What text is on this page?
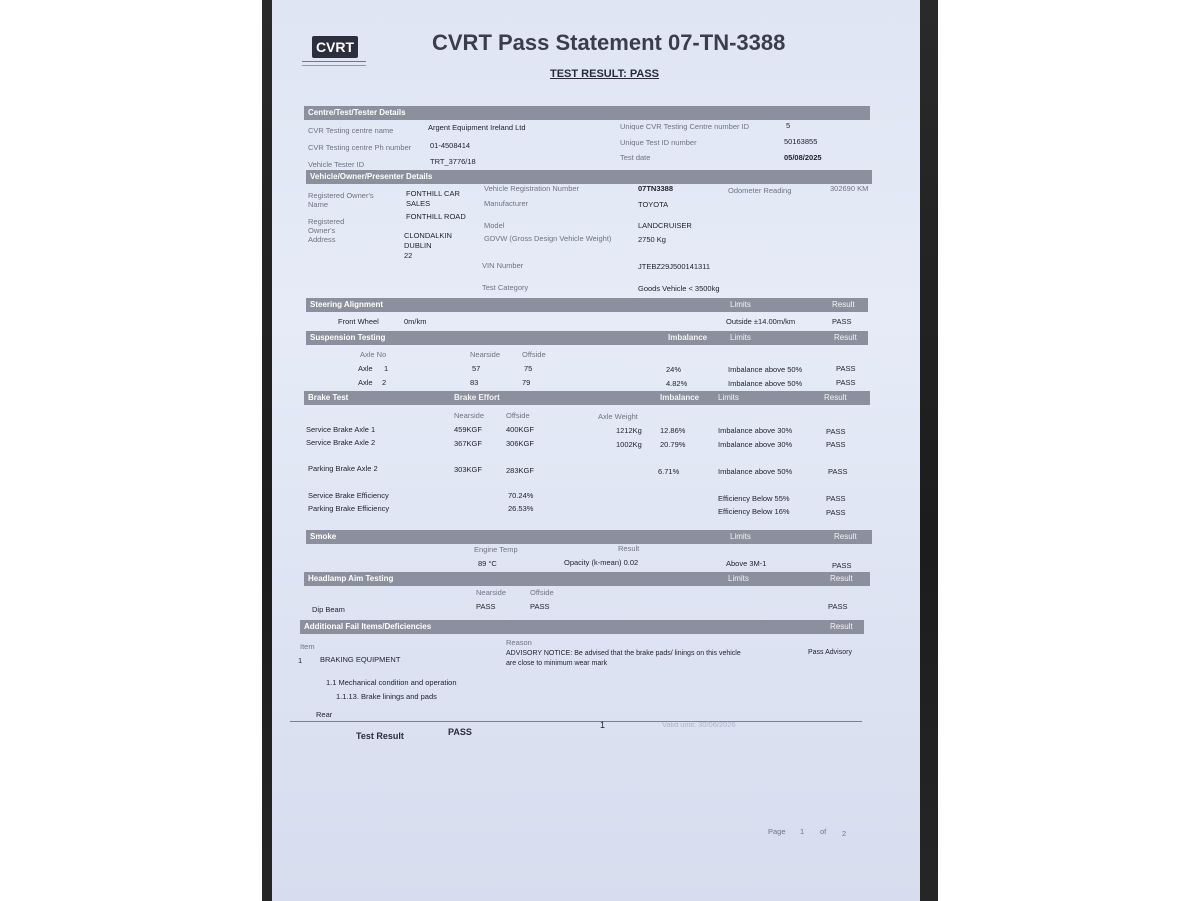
CVRT	CVRT Pass Statement 07-TN-3388
TEST RESULT: PASS
Centre/Test/Tester Details
CVR Testing centre name	Argent Equipment Ireland Ltd
CVR Testing centre Ph number	01-4508414
Vehicle Tester ID	TRT_3776/18
Unique CVR Testing Centre number ID	5
Unique Test ID number	50163855
Test date	05/08/2025
Vehicle/Owner/Presenter Details
Registered Owner's Name
FONTHILL CAR
SALES
Registered Owner's Address
FONTHILL ROAD
CLONDALKIN
DUBLIN
22
Vehicle Registration Number	07TN3388	Odometer Reading	302690 KM
Manufacturer	TOYOTA
Model	LANDCRUISER
GDVW (Gross Design Vehicle Weight)	2750 Kg
VIN Number	JTEBZ29J500141311
Test Category	Goods Vehicle < 3500kg
Steering Alignment	Limits	Result
Front Wheel	0m/km	Outside ±14.00m/km	PASS
Suspension Testing	Imbalance	Limits	Result
Axle No	Nearside	Offside
Axle 1	57	75	24%	Imbalance above 50%	PASS
Axle 2	83	79	4.82%	Imbalance above 50%	PASS
Brake Test	Brake Effort	Imbalance Limits	Result
Nearside	Offside	Axle Weight
Service Brake Axle 1	459KGF	400KGF	1212Kg 12.86%	Imbalance above 30%	PASS
Service Brake Axle 2	367KGF	306KGF	1002Kg 20.79%	Imbalance above 30%	PASS
Parking Brake Axle 2	303KGF	283KGF	6.71%	Imbalance above 50%	PASS
Service Brake Efficiency	70.24%	Efficiency Below 55%	PASS
Parking Brake Efficiency	26.53%	Efficiency Below 16%	PASS
Smoke	Limits	Result
Engine Temp	Result
89 °C	Opacity (k-mean) 0.02	Above 3M-1	PASS
Headlamp Aim Testing	Limits	Result
Nearside	Offside
Dip Beam	PASS	PASS	PASS
Additional Fail Items/Deficiencies	Result
Item	Reason
1 BRAKING EQUIPMENT
ADVISORY NOTICE: Be advised that the brake pads/ linings on this vehicle
are close to minimum wear mark
Pass Advisory
1.1 Mechanical condition and operation
1.1.13. Brake linings and pads
Rear
Test Result	PASS
1	Valid until: 30/06/2026
Page 1 of 2
